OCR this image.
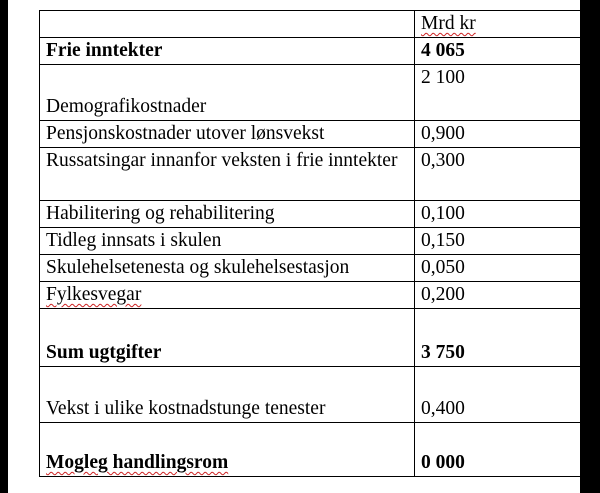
	Mrd kr
Frie inntekter	4 065
Demografikostnader	2 100
Pensjonskostnader utover lønsvekst	0,900
Russatsingar innanfor veksten i frie inntekter	0,300
Habilitering og rehabilitering	0,100
Tidleg innsats i skulen	0,150
Skulehelsetenesta og skulehelsestasjon	0,050
Fylkesvegar	0,200
Sum ugtgifter	3 750
Vekst i ulike kostnadstunge tenester	0,400
Mogleg handlingsrom	0 000
